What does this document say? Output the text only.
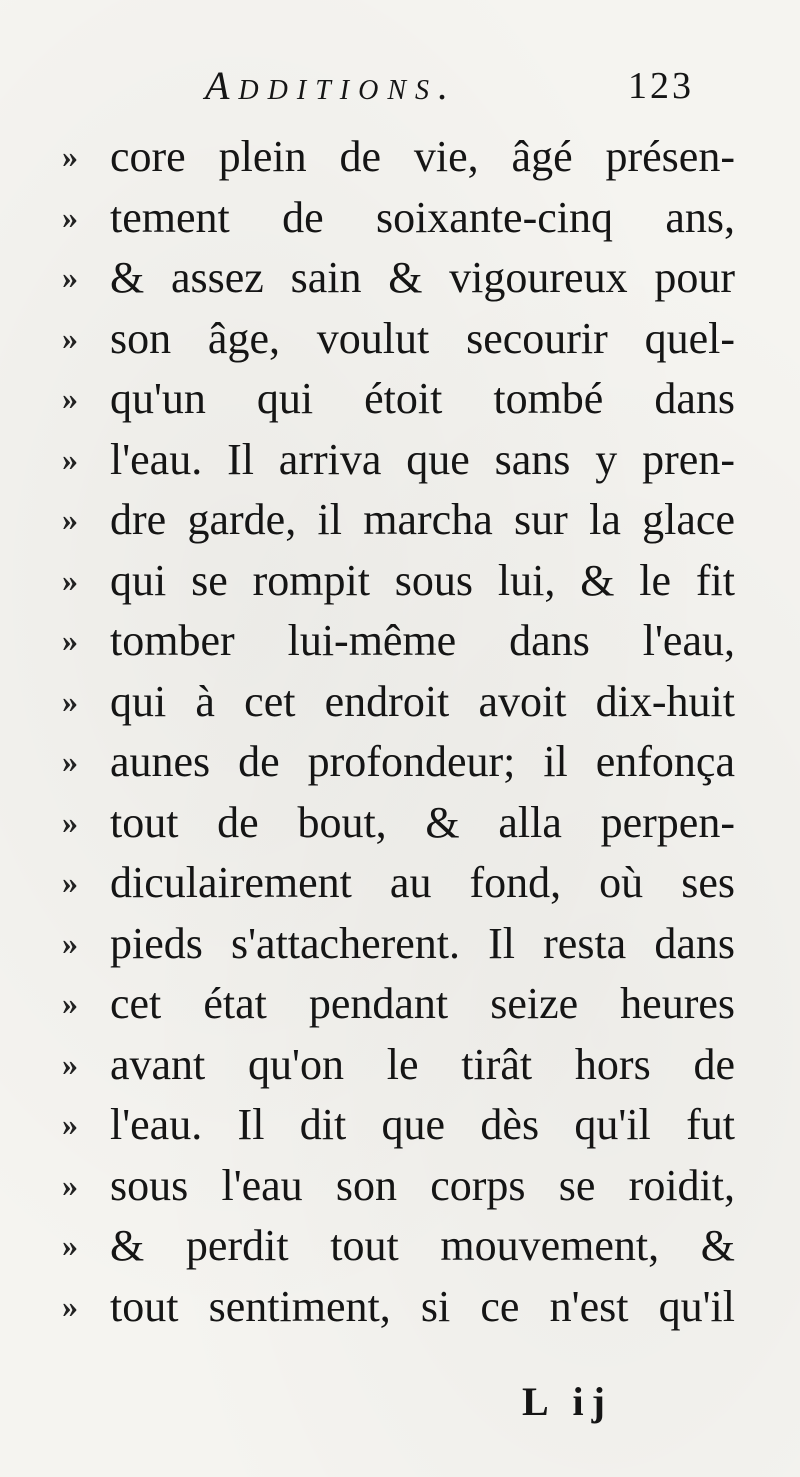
Additions.	123
» core plein de vie, âgé présen-
» tement de soixante-cinq ans,
» & assez sain & vigoureux pour
» son âge, voulut secourir quel-
» qu'un qui étoit tombé dans
» l'eau. Il arriva que sans y pren-
» dre garde, il marcha sur la glace
» qui se rompit sous lui, & le fit
» tomber lui-même dans l'eau,
» qui à cet endroit avoit dix-huit
» aunes de profondeur; il enfonça
» tout de bout, & alla perpen-
» diculairement au fond, où ses
» pieds s'attacherent. Il resta dans
» cet état pendant seize heures
» avant qu'on le tirât hors de
» l'eau. Il dit que dès qu'il fut
» sous l'eau son corps se roidit,
» & perdit tout mouvement, &
» tout sentiment, si ce n'est qu'il
L ij
